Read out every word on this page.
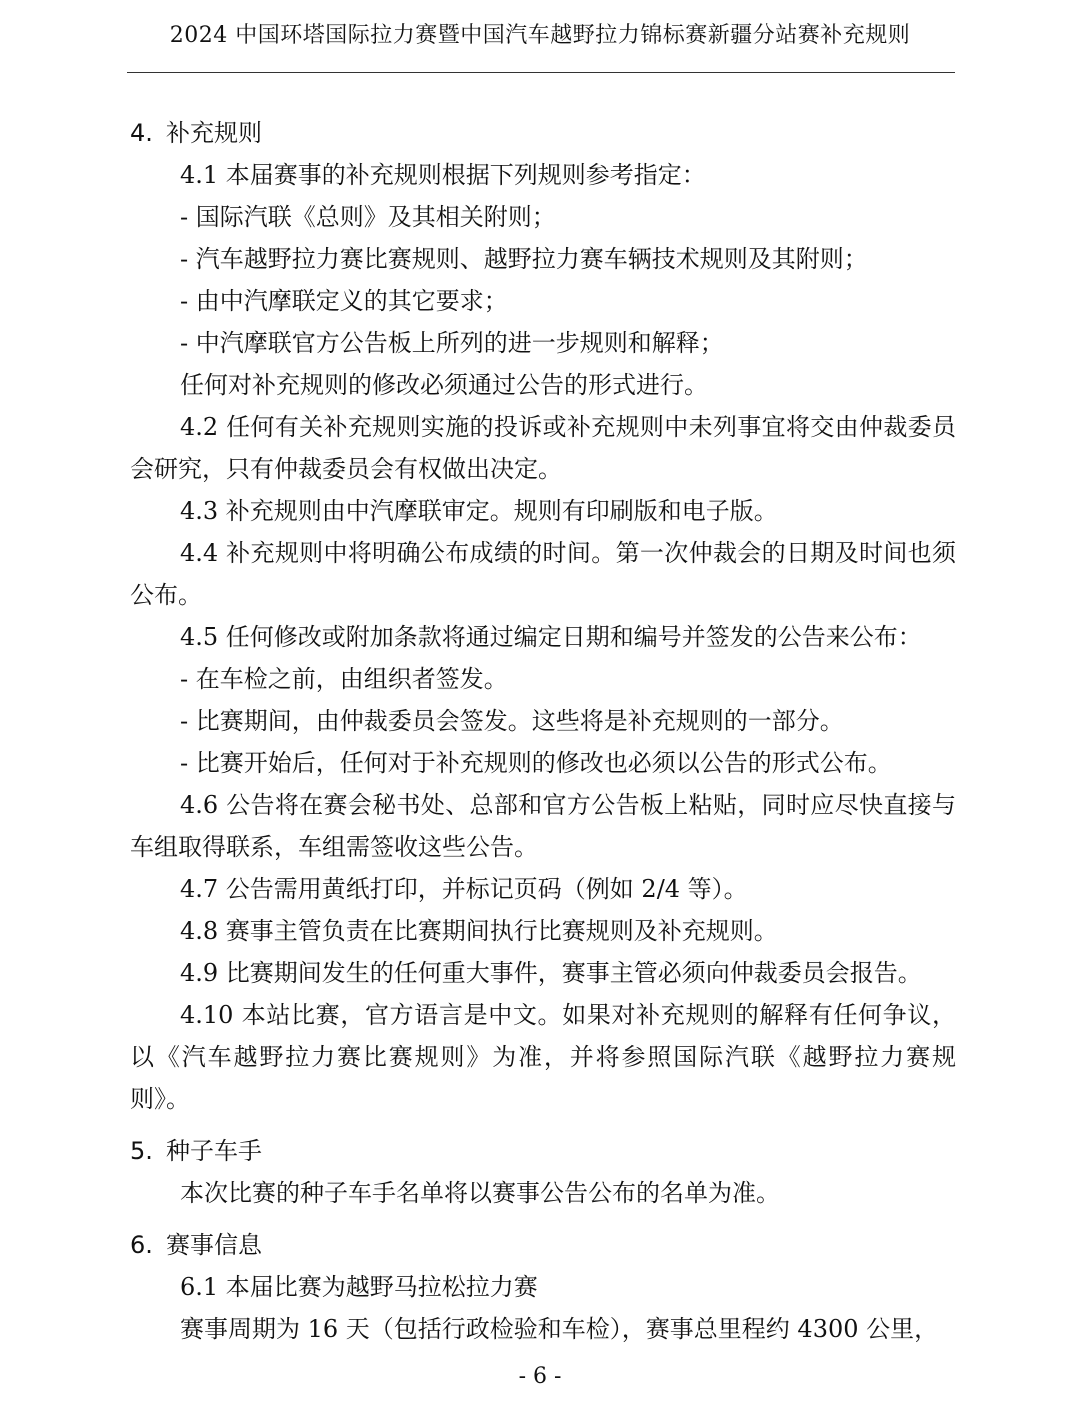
2024 中国环塔国际拉力赛暨中国汽车越野拉力锦标赛新疆分站赛补充规则
4. 补充规则

4.1 本届赛事的补充规则根据下列规则参考指定：

- 国际汽联《总则》及其相关附则；

- 汽车越野拉力赛比赛规则、越野拉力赛车辆技术规则及其附则；

- 由中汽摩联定义的其它要求；

- 中汽摩联官方公告板上所列的进一步规则和解释；

任何对补充规则的修改必须通过公告的形式进行。

4.2 任何有关补充规则实施的投诉或补充规则中未列事宜将交由仲裁委员会研究，只有仲裁委员会有权做出决定。

4.3 补充规则由中汽摩联审定。规则有印刷版和电子版。

4.4 补充规则中将明确公布成绩的时间。第一次仲裁会的日期及时间也须公布。

4.5 任何修改或附加条款将通过编定日期和编号并签发的公告来公布：

- 在车检之前，由组织者签发。

- 比赛期间，由仲裁委员会签发。这些将是补充规则的一部分。

- 比赛开始后，任何对于补充规则的修改也必须以公告的形式公布。

4.6 公告将在赛会秘书处、总部和官方公告板上粘贴，同时应尽快直接与车组取得联系，车组需签收这些公告。

4.7 公告需用黄纸打印，并标记页码（例如 2/4 等）。

4.8 赛事主管负责在比赛期间执行比赛规则及补充规则。

4.9 比赛期间发生的任何重大事件，赛事主管必须向仲裁委员会报告。

4.10 本站比赛，官方语言是中文。如果对补充规则的解释有任何争议，以《汽车越野拉力赛比赛规则》为准，并将参照国际汽联《越野拉力赛规则》。

5. 种子车手

本次比赛的种子车手名单将以赛事公告公布的名单为准。

6. 赛事信息

6.1 本届比赛为越野马拉松拉力赛

赛事周期为 16 天（包括行政检验和车检），赛事总里程约 4300 公里，

- 6 -
